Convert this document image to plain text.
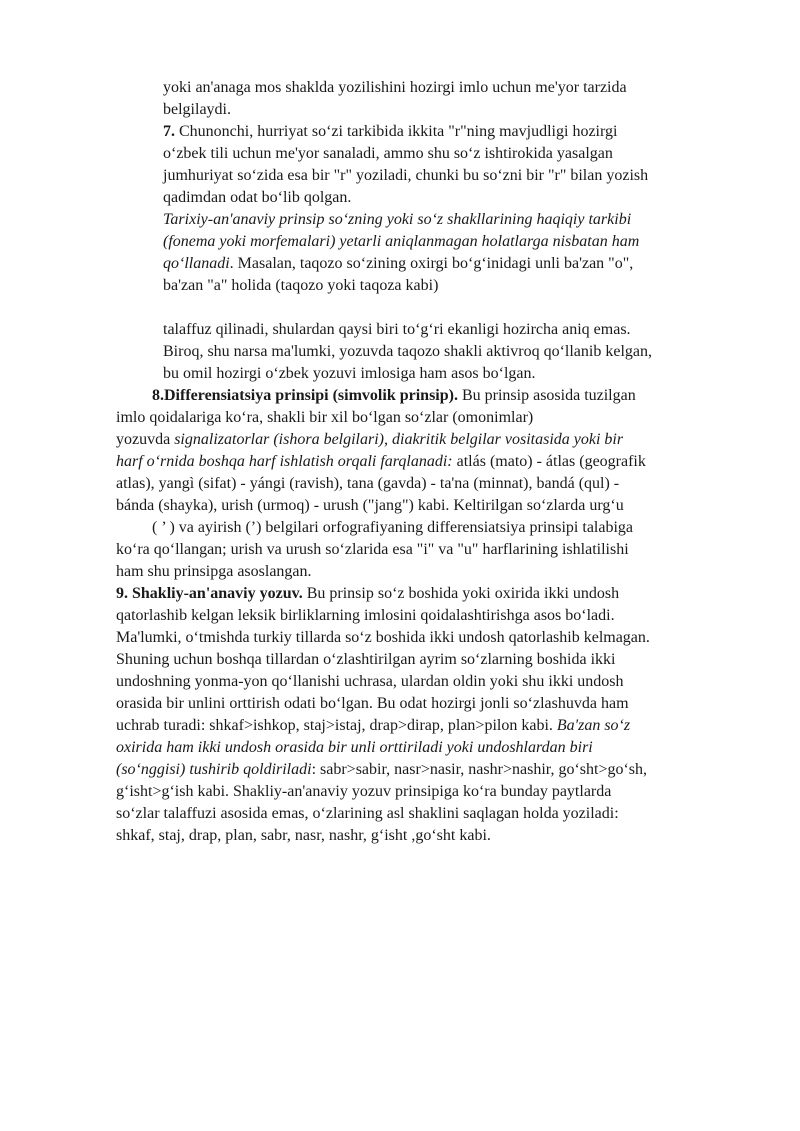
yoki an'anaga mos shaklda yozilishini hozirgi imlo uchun me'yor tarzida
belgilaydi.
7. Chunonchi, hurriyat so‘zi tarkibida ikkita "r"ning mavjudligi hozirgi
o‘zbek tili uchun me'yor sanaladi, ammo shu so‘z ishtirokida yasalgan
jumhuriyat so‘zida esa bir "r" yoziladi, chunki bu so‘zni bir "r" bilan yozish
qadimdan odat bo‘lib qolgan.
Tarixiy-an'anaviy prinsip so‘zning yoki so‘z shakllarining haqiqiy tarkibi
(fonema yoki morfemalari) yetarli aniqlanmagan holatlarga nisbatan ham
qo‘llanadi. Masalan, taqozo so‘zining oxirgi bo‘g‘inidagi unli ba'zan "o",
ba'zan "a" holida (taqozo yoki taqoza kabi)
talaffuz qilinadi, shulardan qaysi biri to‘g‘ri ekanligi hozircha aniq emas.
Biroq, shu narsa ma'lumki, yozuvda taqozo shakli aktivroq qo‘llanib kelgan,
bu omil hozirgi o‘zbek yozuvi imlosiga ham asos bo‘lgan.
8.Differensiatsiya prinsipi (simvolik prinsip). Bu prinsip asosida tuzilgan
imlo qoidalariga ko‘ra, shakli bir xil bo‘lgan so‘zlar (omonimlar)
yozuvda signalizatorlar (ishora belgilari), diakritik belgilar vositasida yoki bir
harf o‘rnida boshqa harf ishlatish orqali farqlanadi: atlás (mato) - átlas (geografik
atlas), yangì (sifat) - yángi (ravish), tana (gavda) - ta'na (minnat), bandá (qul) -
bánda (shayka), urish (urmoq) - urush ("jang") kabi. Keltirilgan so‘zlarda urg‘u
( ’ ) va ayirish (’) belgilari orfografiyaning differensiatsiya prinsipi talabiga
ko‘ra qo‘llangan; urish va urush so‘zlarida esa "i" va "u" harflarining ishlatilishi
ham shu prinsipga asoslangan.
9. Shakliy-an'anaviy yozuv. Bu prinsip so‘z boshida yoki oxirida ikki undosh
qatorlashib kelgan leksik birliklarning imlosini qoidalashtirishga asos bo‘ladi.
Ma'lumki, o‘tmishda turkiy tillarda so‘z boshida ikki undosh qatorlashib kelmagan.
Shuning uchun boshqa tillardan o‘zlashtirilgan ayrim so‘zlarning boshida ikki
undoshning yonma-yon qo‘llanishi uchrasa, ulardan oldin yoki shu ikki undosh
orasida bir unlini orttirish odati bo‘lgan. Bu odat hozirgi jonli so‘zlashuvda ham
uchrab turadi: shkaf>ishkop, staj>istaj, drap>dirap, plan>pilon kabi. Ba'zan so‘z
oxirida ham ikki undosh orasida bir unli orttiriladi yoki undoshlardan biri
(so‘nggisi) tushirib qoldiriladi: sabr>sabir, nasr>nasir, nashr>nashir, go‘sht>go‘sh,
g‘isht>g‘ish kabi. Shakliy-an'anaviy yozuv prinsipiga ko‘ra bunday paytlarda
so‘zlar talaffuzi asosida emas, o‘zlarining asl shaklini saqlagan holda yoziladi:
shkaf, staj, drap, plan, sabr, nasr, nashr, g‘isht ,go‘sht kabi.
